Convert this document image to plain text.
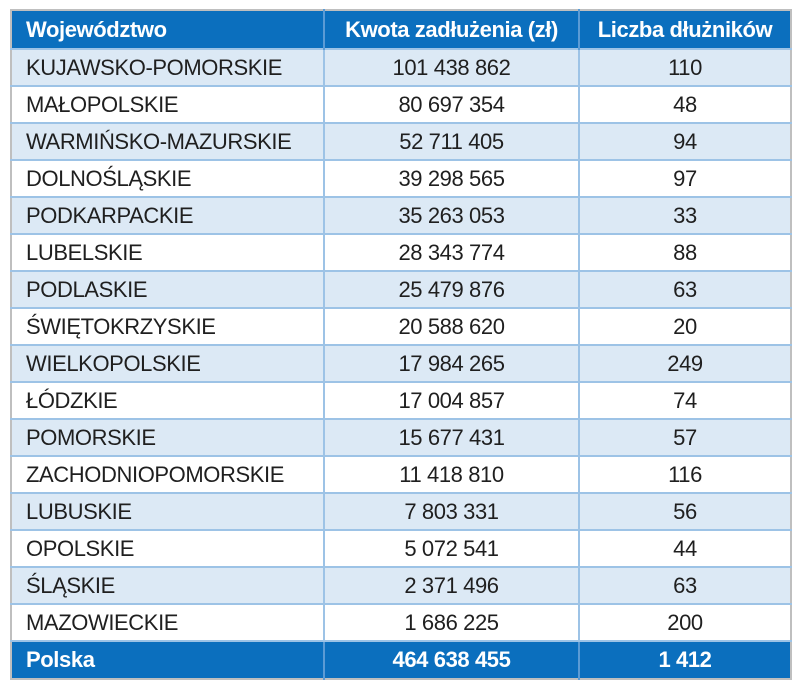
Województwo	Kwota zadłużenia (zł)	Liczba dłużników
KUJAWSKO-POMORSKIE	101 438 862	110
MAŁOPOLSKIE	80 697 354	48
WARMIŃSKO-MAZURSKIE	52 711 405	94
DOLNOŚLĄSKIE	39 298 565	97
PODKARPACKIE	35 263 053	33
LUBELSKIE	28 343 774	88
PODLASKIE	25 479 876	63
ŚWIĘTOKRZYSKIE	20 588 620	20
WIELKOPOLSKIE	17 984 265	249
ŁÓDZKIE	17 004 857	74
POMORSKIE	15 677 431	57
ZACHODNIOPOMORSKIE	11 418 810	116
LUBUSKIE	7 803 331	56
OPOLSKIE	5 072 541	44
ŚLĄSKIE	2 371 496	63
MAZOWIECKIE	1 686 225	200
Polska	464 638 455	1 412
